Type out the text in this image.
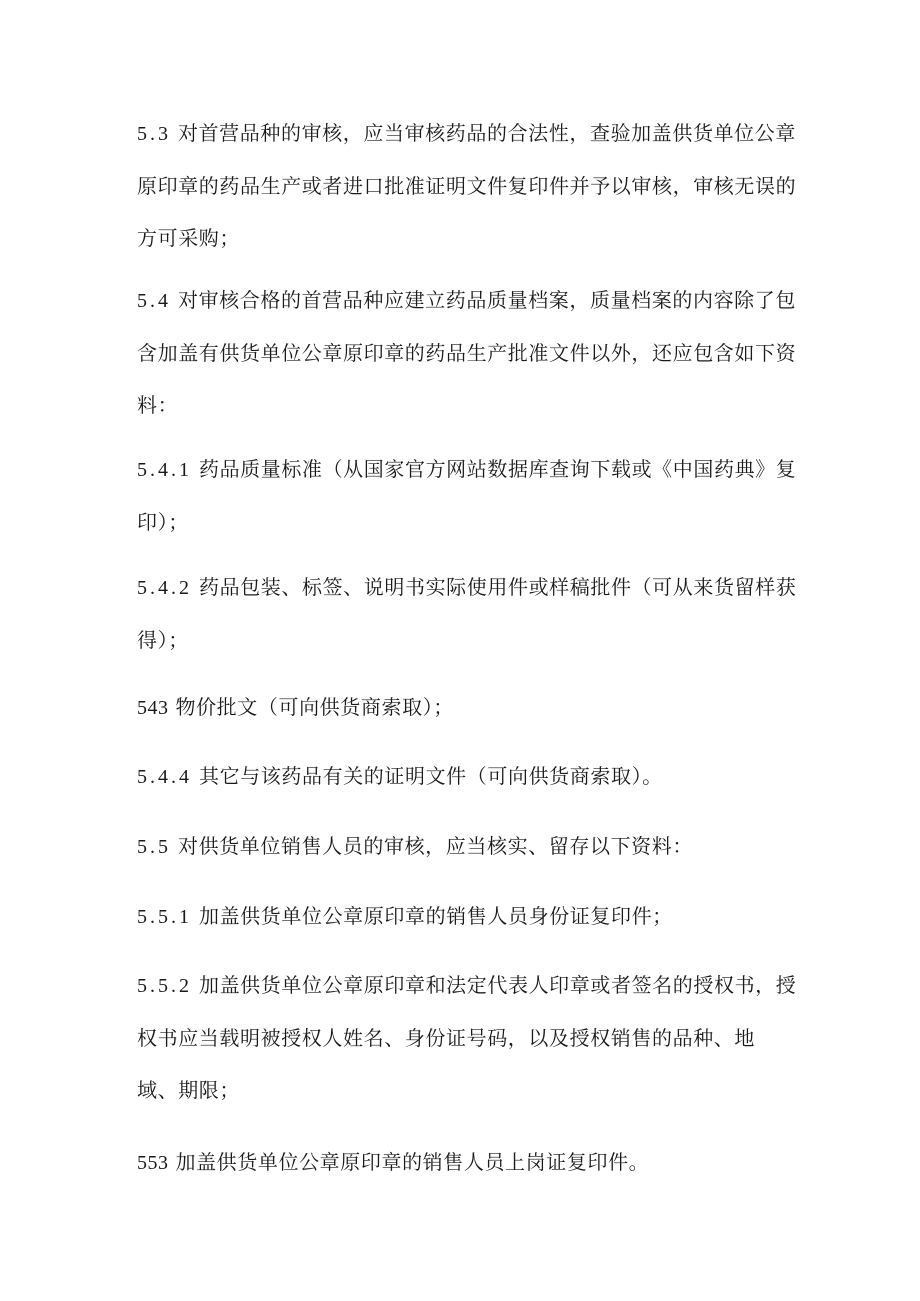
5.3 对首营品种的审核，应当审核药品的合法性，查验加盖供货单位公章
原印章的药品生产或者进口批准证明文件复印件并予以审核，审核无误的
方可采购；
5.4 对审核合格的首营品种应建立药品质量档案，质量档案的内容除了包
含加盖有供货单位公章原印章的药品生产批准文件以外，还应包含如下资
料：
5.4.1 药品质量标准（从国家官方网站数据库查询下载或《中国药典》复
印）；
5.4.2 药品包装、标签、说明书实际使用件或样稿批件（可从来货留样获
得）；
543 物价批文（可向供货商索取）；
5.4.4 其它与该药品有关的证明文件（可向供货商索取）。
5.5 对供货单位销售人员的审核，应当核实、留存以下资料：
5.5.1 加盖供货单位公章原印章的销售人员身份证复印件；
5.5.2 加盖供货单位公章原印章和法定代表人印章或者签名的授权书，授
权书应当载明被授权人姓名、身份证号码，以及授权销售的品种、地
域、期限；
553 加盖供货单位公章原印章的销售人员上岗证复印件。
